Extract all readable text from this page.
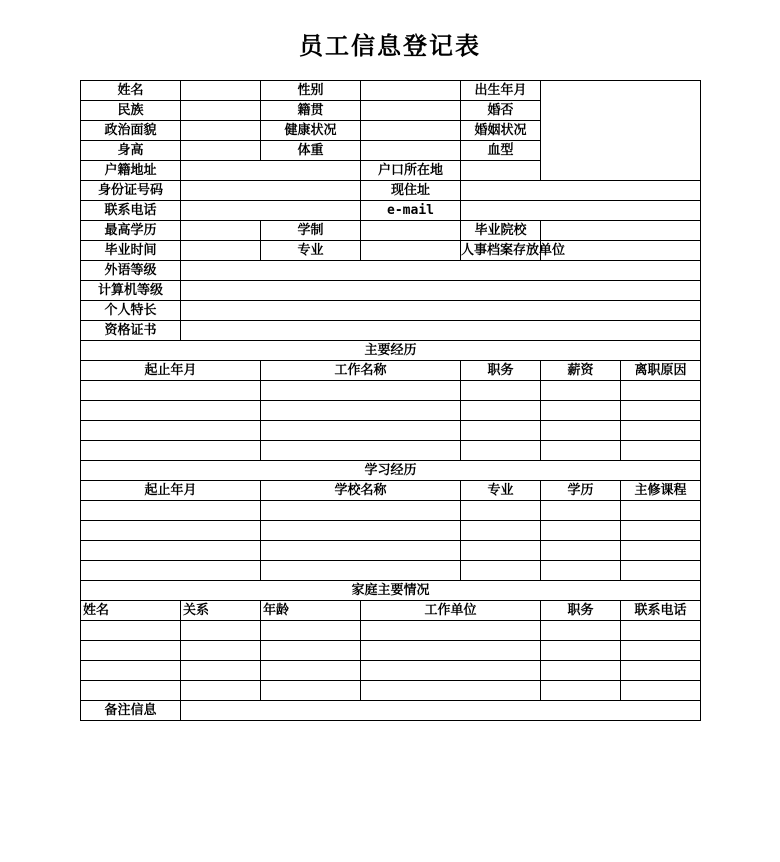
员工信息登记表
姓名		性别		出生年月		
民族		籍贯		婚否		
政治面貌		健康状况		婚姻状况		
身高		体重		血型		
户籍地址			户口所在地			
身份证号码			现住址			
联系电话			e-mail			
最高学历		学制		毕业院校		
毕业时间		专业		人事档案存放单位		
外语等级						
计算机等级						
个人特长						
资格证书						
主要经历						
起止年月		工作名称		职务	薪资	离职原因

学习经历						
起止年月		学校名称		专业	学历	主修课程

家庭主要情况						
姓名	关系	年龄	工作单位		职务	联系电话

备注信息						
